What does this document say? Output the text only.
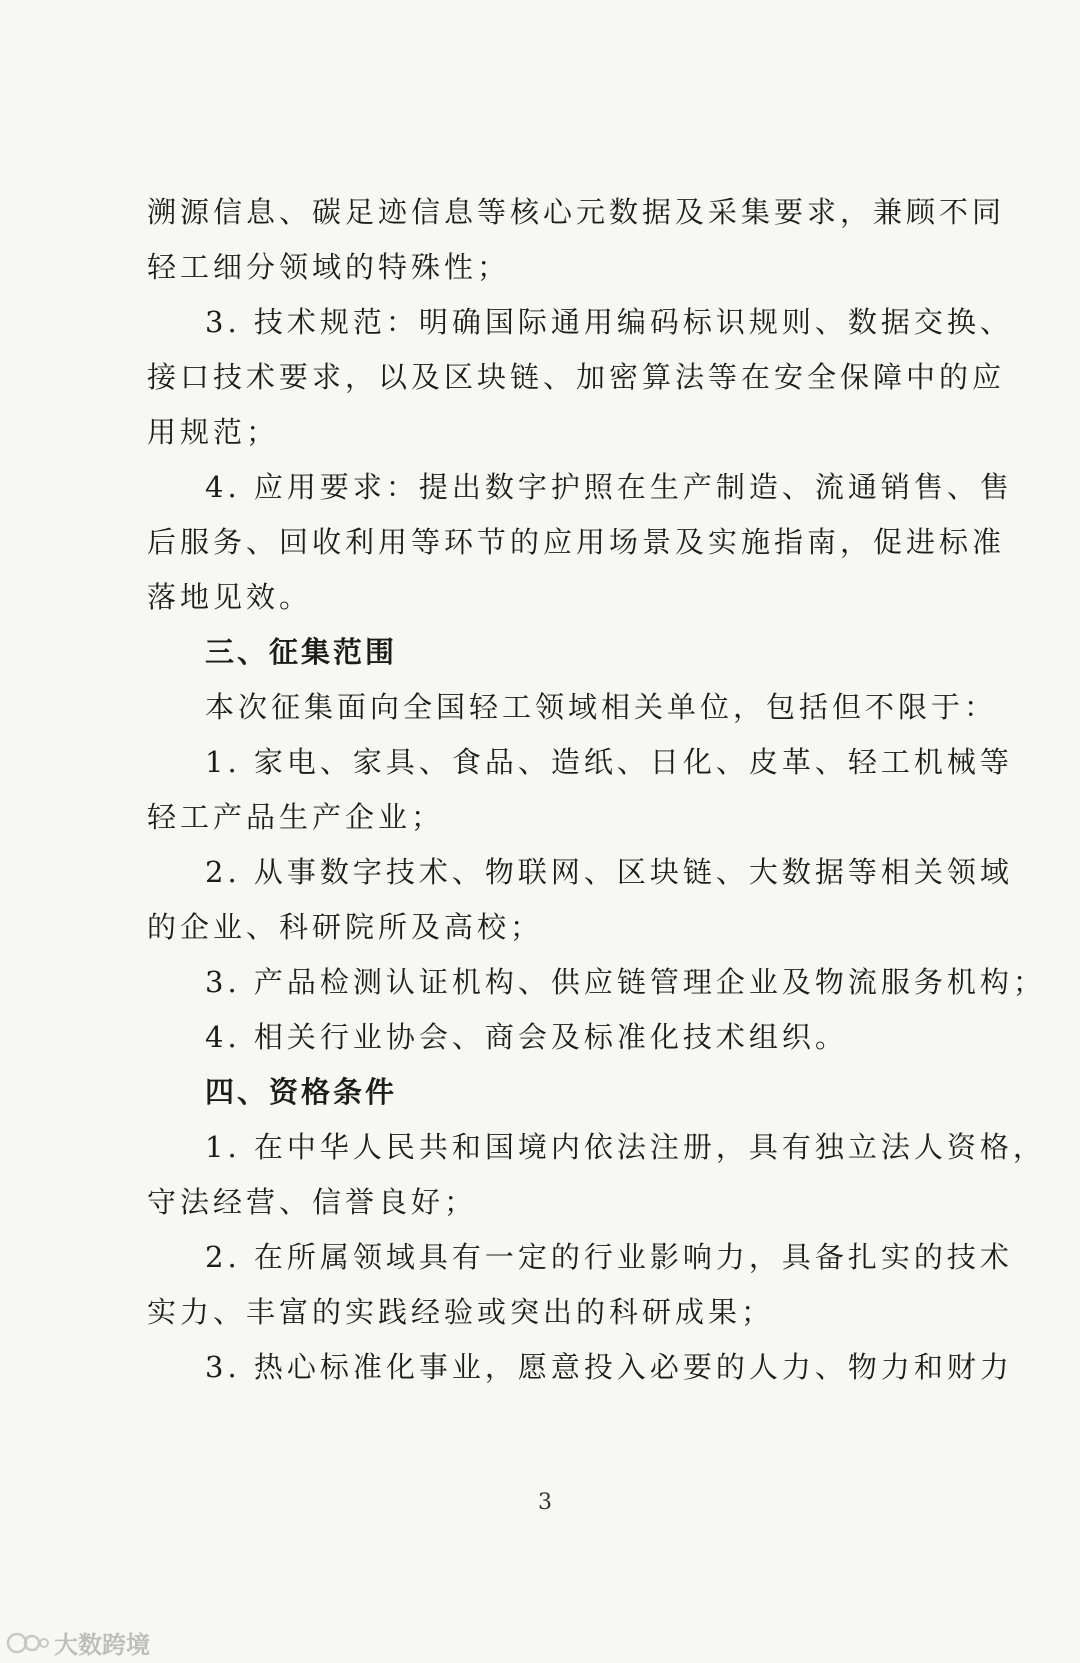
溯源信息、碳足迹信息等核心元数据及采集要求，兼顾不同
轻工细分领域的特殊性；
3. 技术规范：明确国际通用编码标识规则、数据交换、
接口技术要求，以及区块链、加密算法等在安全保障中的应
用规范；
4. 应用要求：提出数字护照在生产制造、流通销售、售
后服务、回收利用等环节的应用场景及实施指南，促进标准
落地见效。
三、征集范围
本次征集面向全国轻工领域相关单位，包括但不限于：
1. 家电、家具、食品、造纸、日化、皮革、轻工机械等
轻工产品生产企业；
2. 从事数字技术、物联网、区块链、大数据等相关领域
的企业、科研院所及高校；
3. 产品检测认证机构、供应链管理企业及物流服务机构；
4. 相关行业协会、商会及标准化技术组织。
四、资格条件
1. 在中华人民共和国境内依法注册，具有独立法人资格，
守法经营、信誉良好；
2. 在所属领域具有一定的行业影响力，具备扎实的技术
实力、丰富的实践经验或突出的科研成果；
3. 热心标准化事业，愿意投入必要的人力、物力和财力
3
大数跨境
